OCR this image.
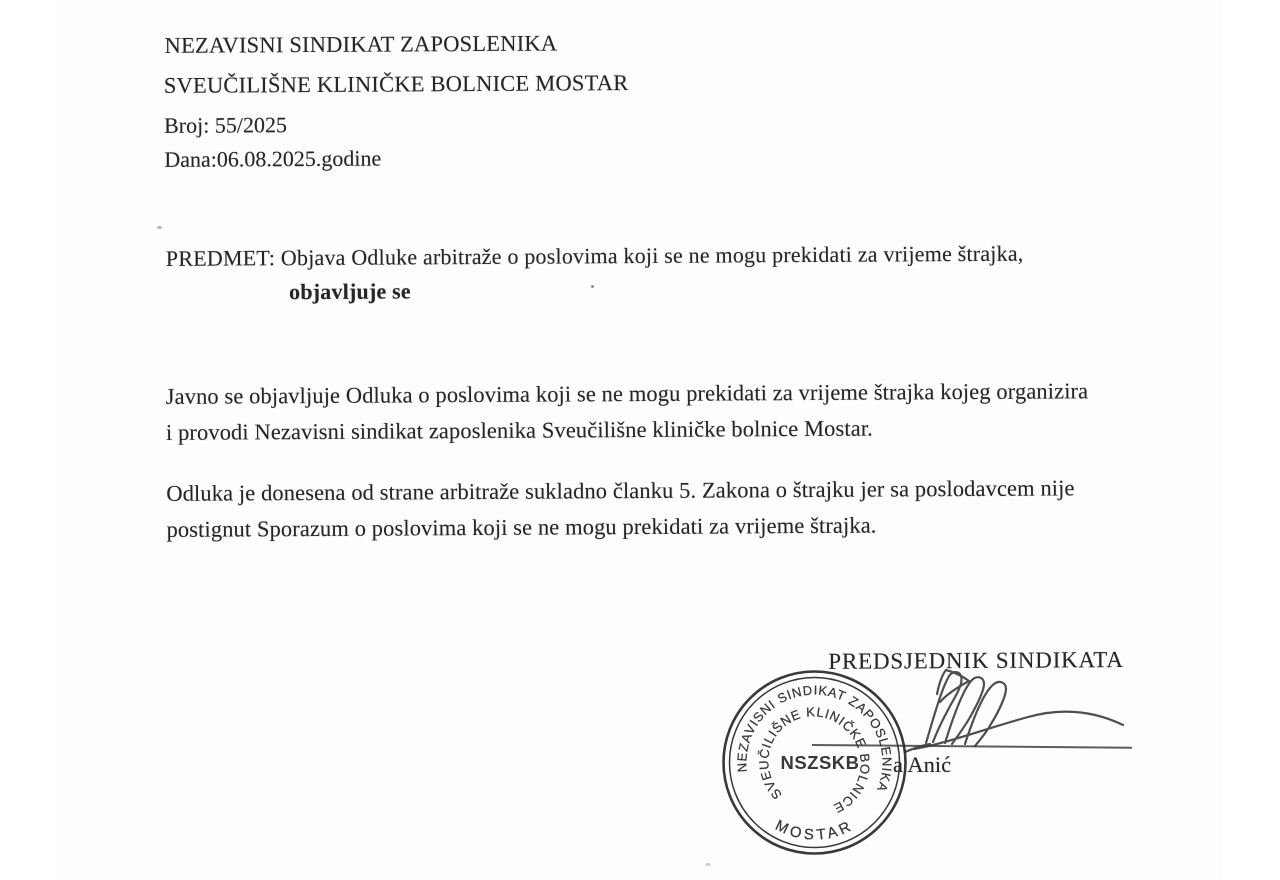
NEZAVISNI SINDIKAT ZAPOSLENIKA
SVEUČILIŠNE KLINIČKE BOLNICE MOSTAR
Broj: 55/2025
Dana:06.08.2025.godine
PREDMET: Objava Odluke arbitraže o poslovima koji se ne mogu prekidati za vrijeme štrajka,
objavljuje se
Javno se objavljuje Odluka o poslovima koji se ne mogu prekidati za vrijeme štrajka kojeg organizira
i provodi Nezavisni sindikat zaposlenika Sveučilišne kliničke bolnice Mostar.
Odluka je donesena od strane arbitraže sukladno članku 5. Zakona o štrajku jer sa poslodavcem nije
postignut Sporazum o poslovima koji se ne mogu prekidati za vrijeme štrajka.
PREDSJEDNIK SINDIKATA
a Anić
NEZAVISNI SINDIKAT ZAPOSLENIKA
SVEUČILIŠNE KLINIČKE BOLNICE
MOSTAR
NSZSKB
